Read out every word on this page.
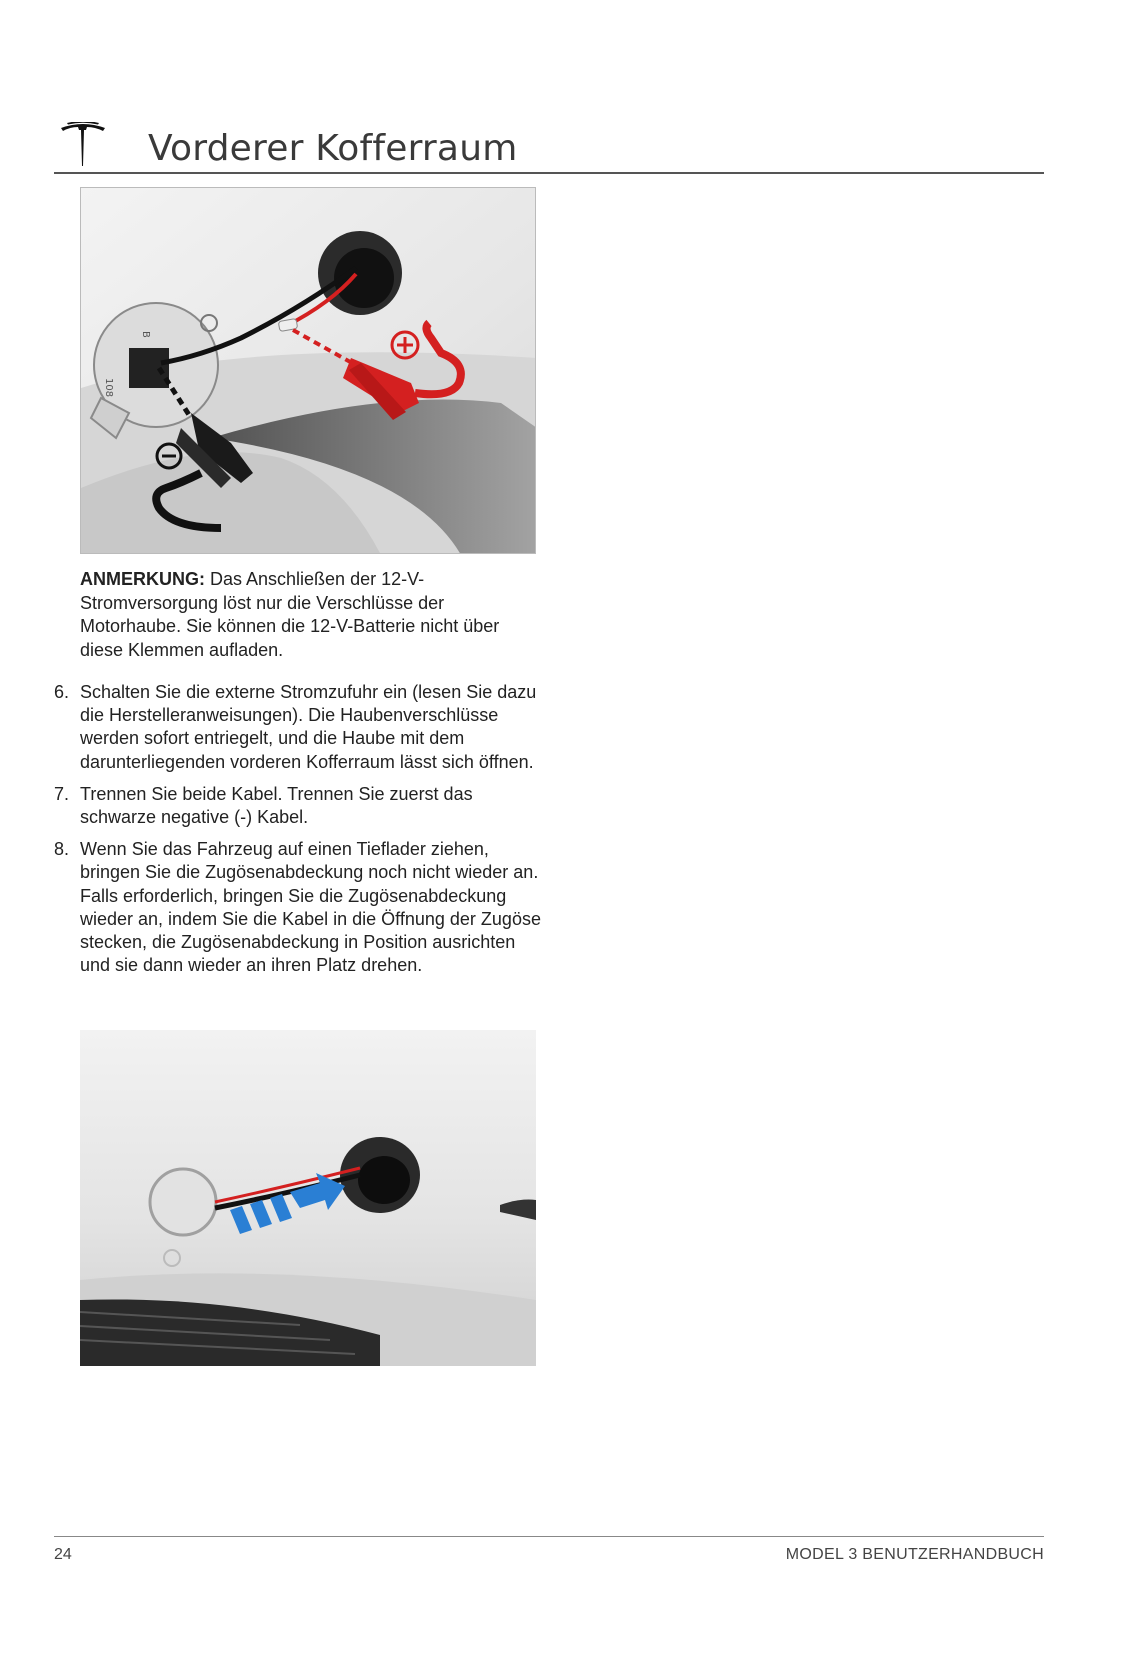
Vorderer Kofferraum
B
108
ANMERKUNG: Das Anschließen der 12-V-Stromversorgung löst nur die Verschlüsse der Motorhaube. Sie können die 12-V-Batterie nicht über diese Klemmen aufladen.
6. Schalten Sie die externe Stromzufuhr ein (lesen Sie dazu die Herstelleranweisungen). Die Haubenverschlüsse werden sofort entriegelt, und die Haube mit dem darunterliegenden vorderen Kofferraum lässt sich öffnen.
7. Trennen Sie beide Kabel. Trennen Sie zuerst das schwarze negative (-) Kabel.
8. Wenn Sie das Fahrzeug auf einen Tieflader ziehen, bringen Sie die Zugösenabdeckung noch nicht wieder an. Falls erforderlich, bringen Sie die Zugösenabdeckung wieder an, indem Sie die Kabel in die Öffnung der Zugöse stecken, die Zugösenabdeckung in Position ausrichten und sie dann wieder an ihren Platz drehen.
24	MODEL 3 BENUTZERHANDBUCH
